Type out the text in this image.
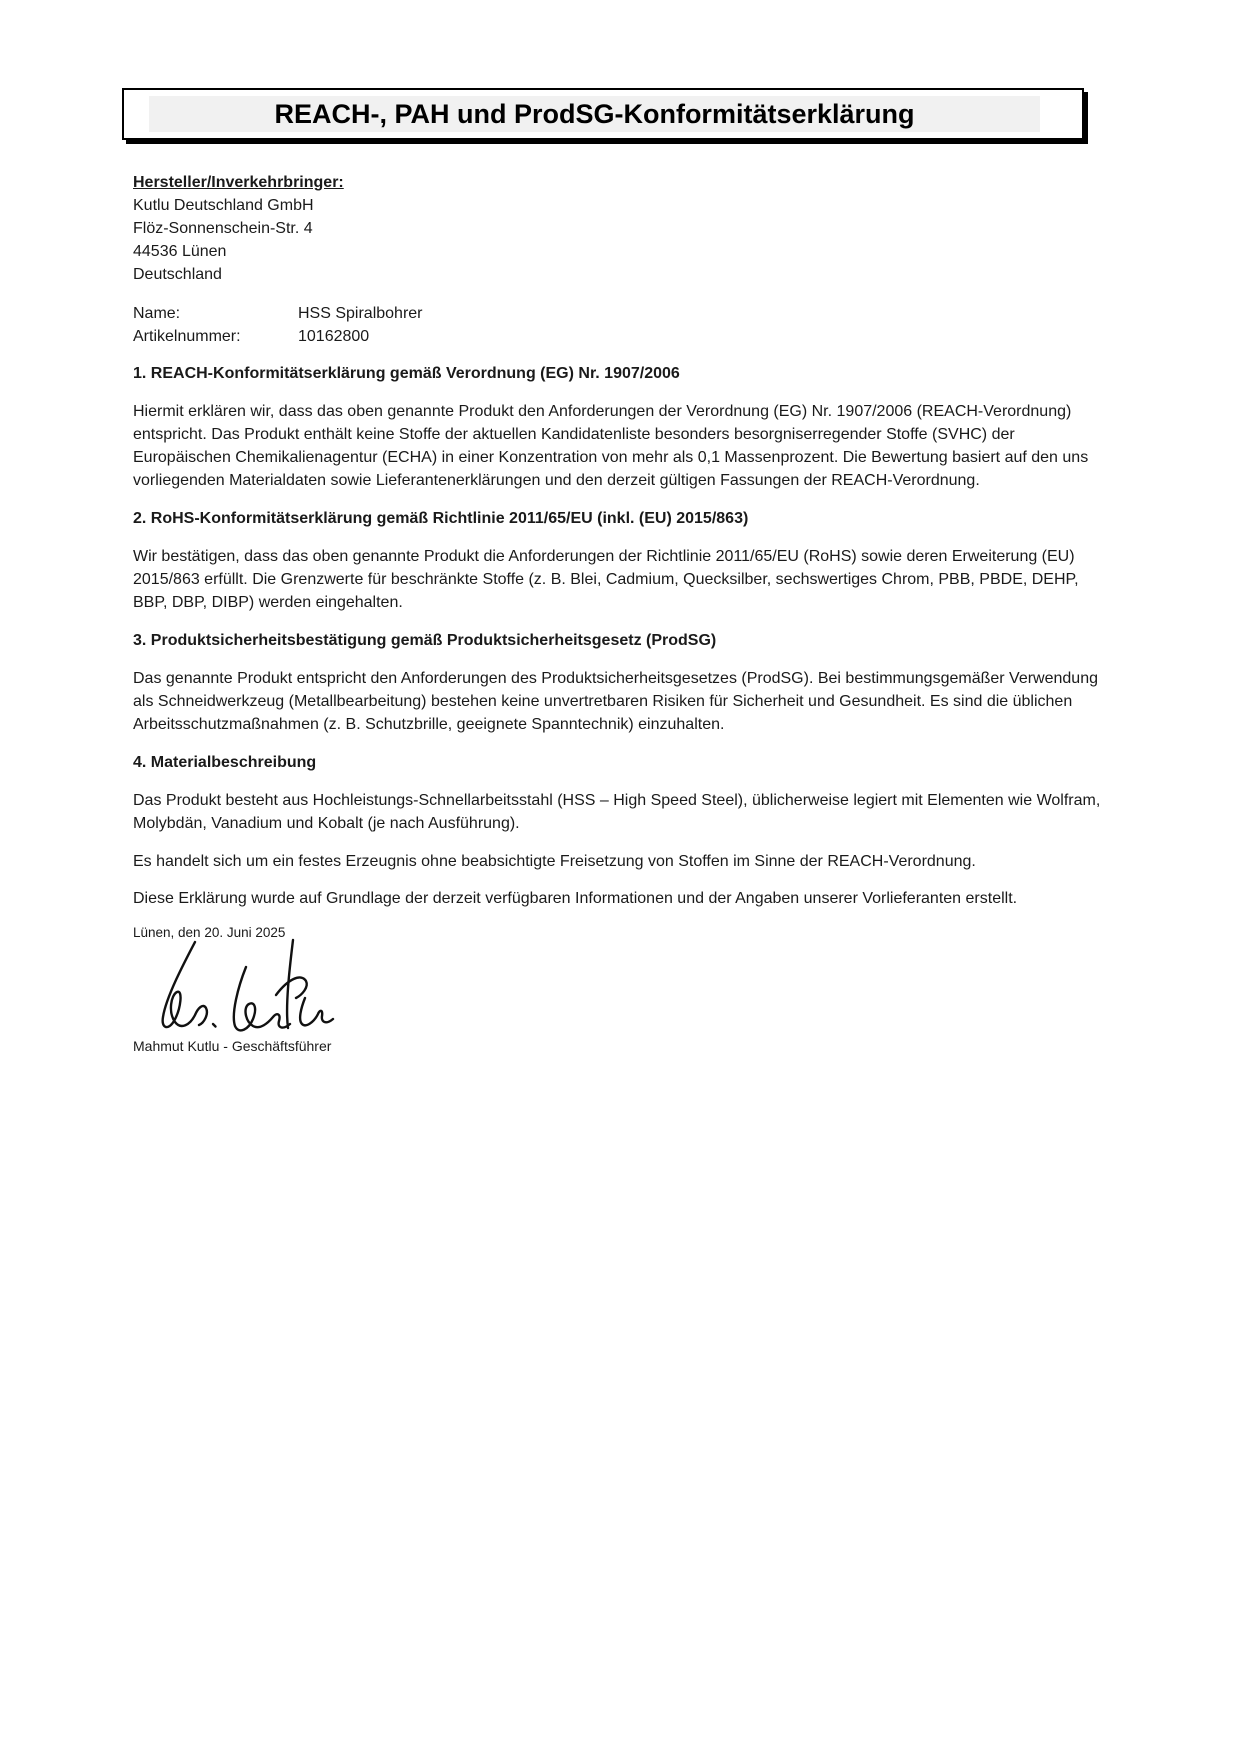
REACH-, PAH und ProdSG-Konformitätserklärung
Hersteller/Inverkehrbringer:
Kutlu Deutschland GmbH
Flöz-Sonnenschein-Str. 4
44536 Lünen
Deutschland
Name:	HSS Spiralbohrer
Artikelnummer:	10162800
1. REACH-Konformitätserklärung gemäß Verordnung (EG) Nr. 1907/2006

Hiermit erklären wir, dass das oben genannte Produkt den Anforderungen der Verordnung (EG) Nr. 1907/2006 (REACH-Verordnung) entspricht. Das Produkt enthält keine Stoffe der aktuellen Kandidatenliste besonders besorgniserregender Stoffe (SVHC) der Europäischen Chemikalienagentur (ECHA) in einer Konzentration von mehr als 0,1 Massenprozent. Die Bewertung basiert auf den uns vorliegenden Materialdaten sowie Lieferantenerklärungen und den derzeit gültigen Fassungen der REACH-Verordnung.

2. RoHS-Konformitätserklärung gemäß Richtlinie 2011/65/EU (inkl. (EU) 2015/863)

Wir bestätigen, dass das oben genannte Produkt die Anforderungen der Richtlinie 2011/65/EU (RoHS) sowie deren Erweiterung (EU) 2015/863 erfüllt. Die Grenzwerte für beschränkte Stoffe (z. B. Blei, Cadmium, Quecksilber, sechswertiges Chrom, PBB, PBDE, DEHP, BBP, DBP, DIBP) werden eingehalten.

3. Produktsicherheitsbestätigung gemäß Produktsicherheitsgesetz (ProdSG)

Das genannte Produkt entspricht den Anforderungen des Produktsicherheitsgesetzes (ProdSG). Bei bestimmungsgemäßer Verwendung als Schneidwerkzeug (Metallbearbeitung) bestehen keine unvertretbaren Risiken für Sicherheit und Gesundheit. Es sind die üblichen Arbeitsschutzmaßnahmen (z. B. Schutzbrille, geeignete Spanntechnik) einzuhalten.

4. Materialbeschreibung

Das Produkt besteht aus Hochleistungs-Schnellarbeitsstahl (HSS – High Speed Steel), üblicherweise legiert mit Elementen wie Wolfram, Molybdän, Vanadium und Kobalt (je nach Ausführung).

Es handelt sich um ein festes Erzeugnis ohne beabsichtigte Freisetzung von Stoffen im Sinne der REACH-Verordnung.

Diese Erklärung wurde auf Grundlage der derzeit verfügbaren Informationen und der Angaben unserer Vorlieferanten erstellt.

Lünen, den 20. Juni 2025
Mahmut Kutlu - Geschäftsführer
